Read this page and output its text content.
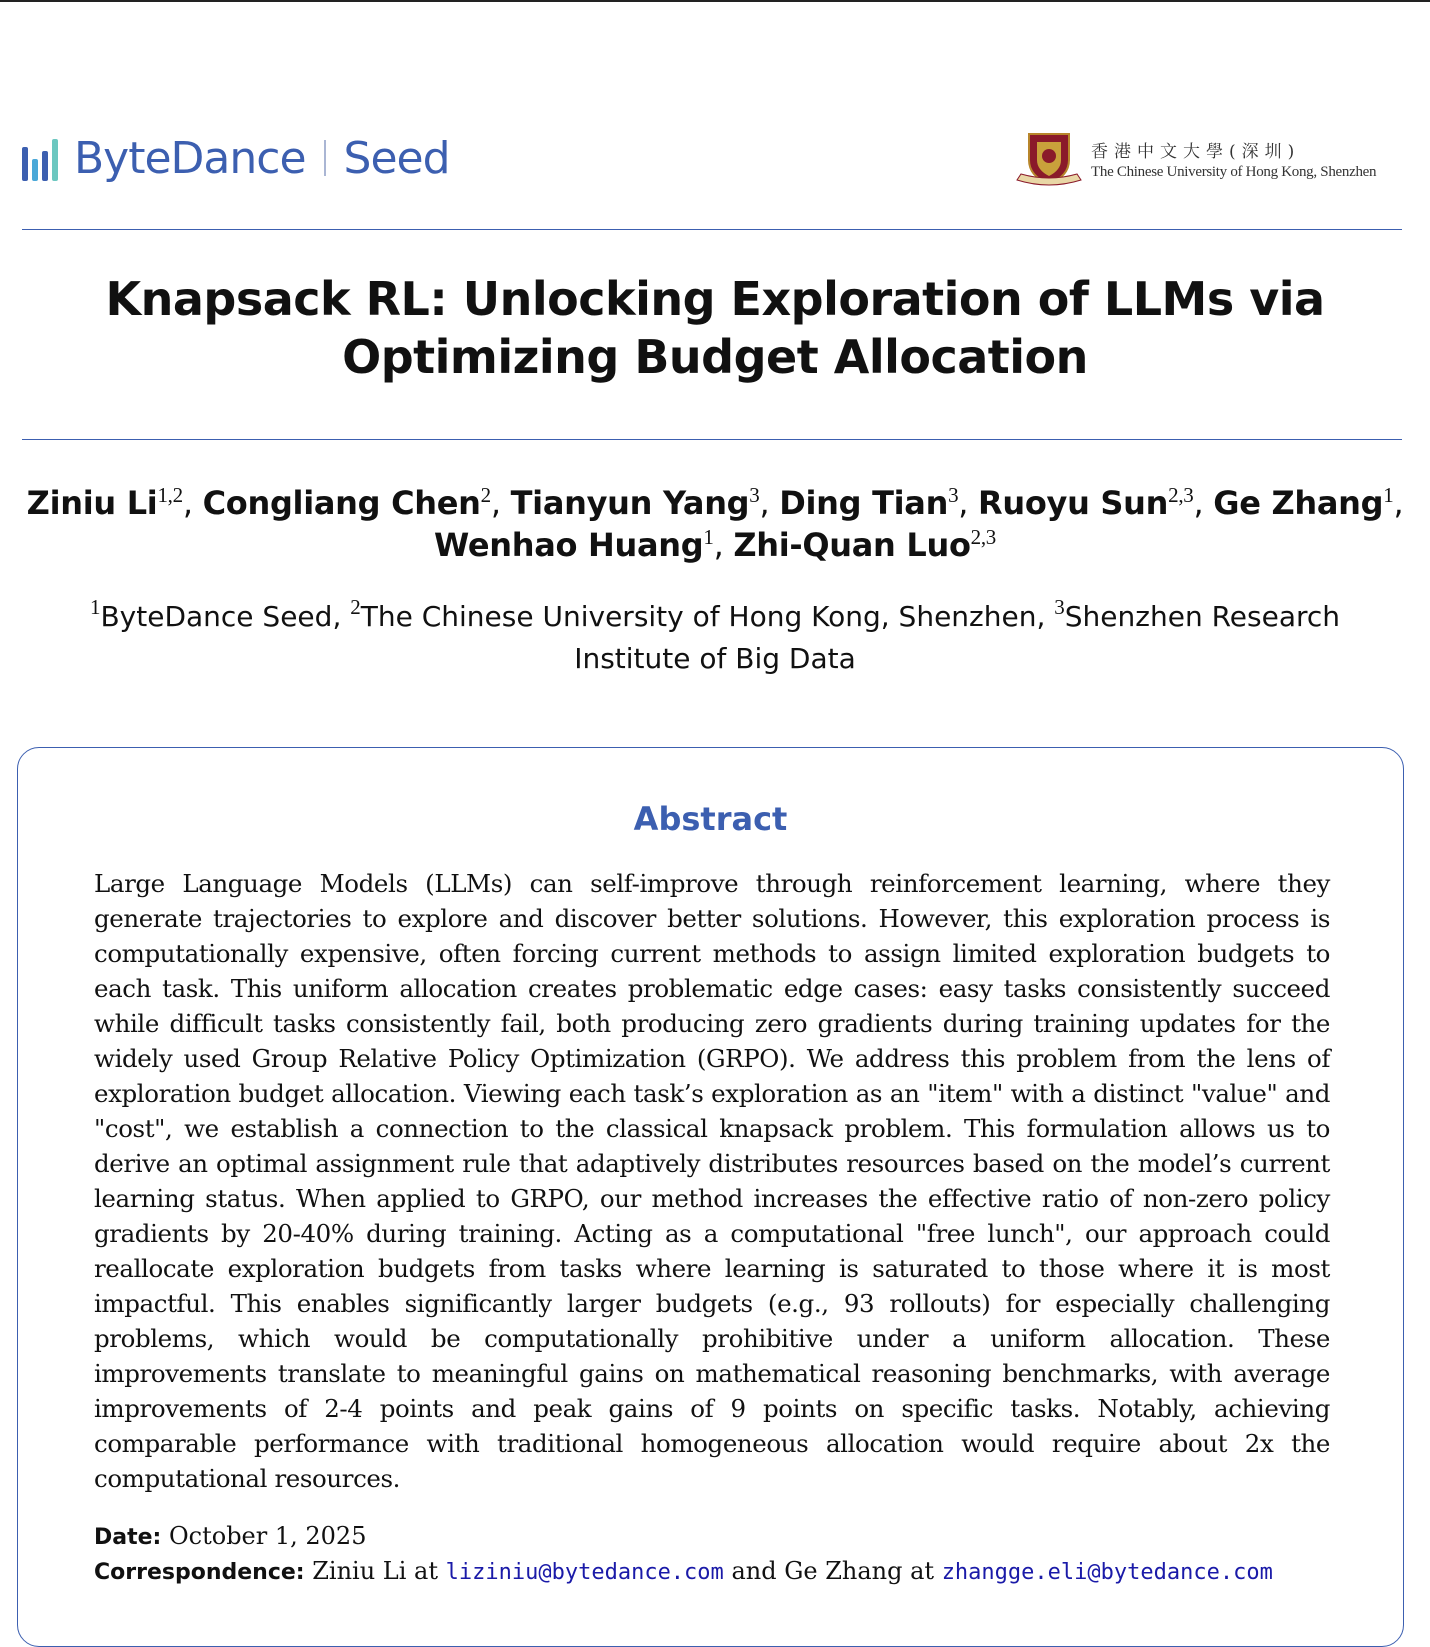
ByteDance Seed	香港中文大學(深圳)
The Chinese University of Hong Kong, Shenzhen
Knapsack RL: Unlocking Exploration of LLMs via
Optimizing Budget Allocation
Ziniu Li$^{1,2}$, Congliang Chen$^2$, Tianyun Yang$^3$, Ding Tian$^3$, Ruoyu Sun$^{2,3}$, Ge Zhang$^1$,
Wenhao Huang$^1$, Zhi-Quan Luo$^{2,3}$
$^1$ByteDance Seed, $^2$The Chinese University of Hong Kong, Shenzhen, $^3$Shenzhen Research Institute of Big Data
Abstract
Large Language Models (LLMs) can self-improve through reinforcement learning, where they generate trajectories to explore and discover better solutions. However, this exploration process is computationally expensive, often forcing current methods to assign limited exploration budgets to each task. This uniform allocation creates problematic edge cases: easy tasks consistently succeed while difficult tasks consistently fail, both producing zero gradients during training updates for the widely used Group Relative Policy Optimization (GRPO). We address this problem from the lens of exploration budget allocation. Viewing each task’s exploration as an "item" with a distinct "value" and "cost", we establish a connection to the classical knapsack problem. This formulation allows us to derive an optimal assignment rule that adaptively distributes resources based on the model’s current learning status. When applied to GRPO, our method increases the effective ratio of non-zero policy gradients by 20-40% during training. Acting as a computational "free lunch", our approach could reallocate exploration budgets from tasks where learning is saturated to those where it is most impactful. This enables significantly larger budgets (e.g., 93 rollouts) for especially challenging problems, which would be computationally prohibitive under a uniform allocation. These improvements translate to meaningful gains on mathematical reasoning benchmarks, with average improvements of 2-4 points and peak gains of 9 points on specific tasks. Notably, achieving comparable performance with traditional homogeneous allocation would require about 2x the computational resources.
Date: October 1, 2025
Correspondence: Ziniu Li at liziniu@bytedance.com and Ge Zhang at zhangge.eli@bytedance.com
